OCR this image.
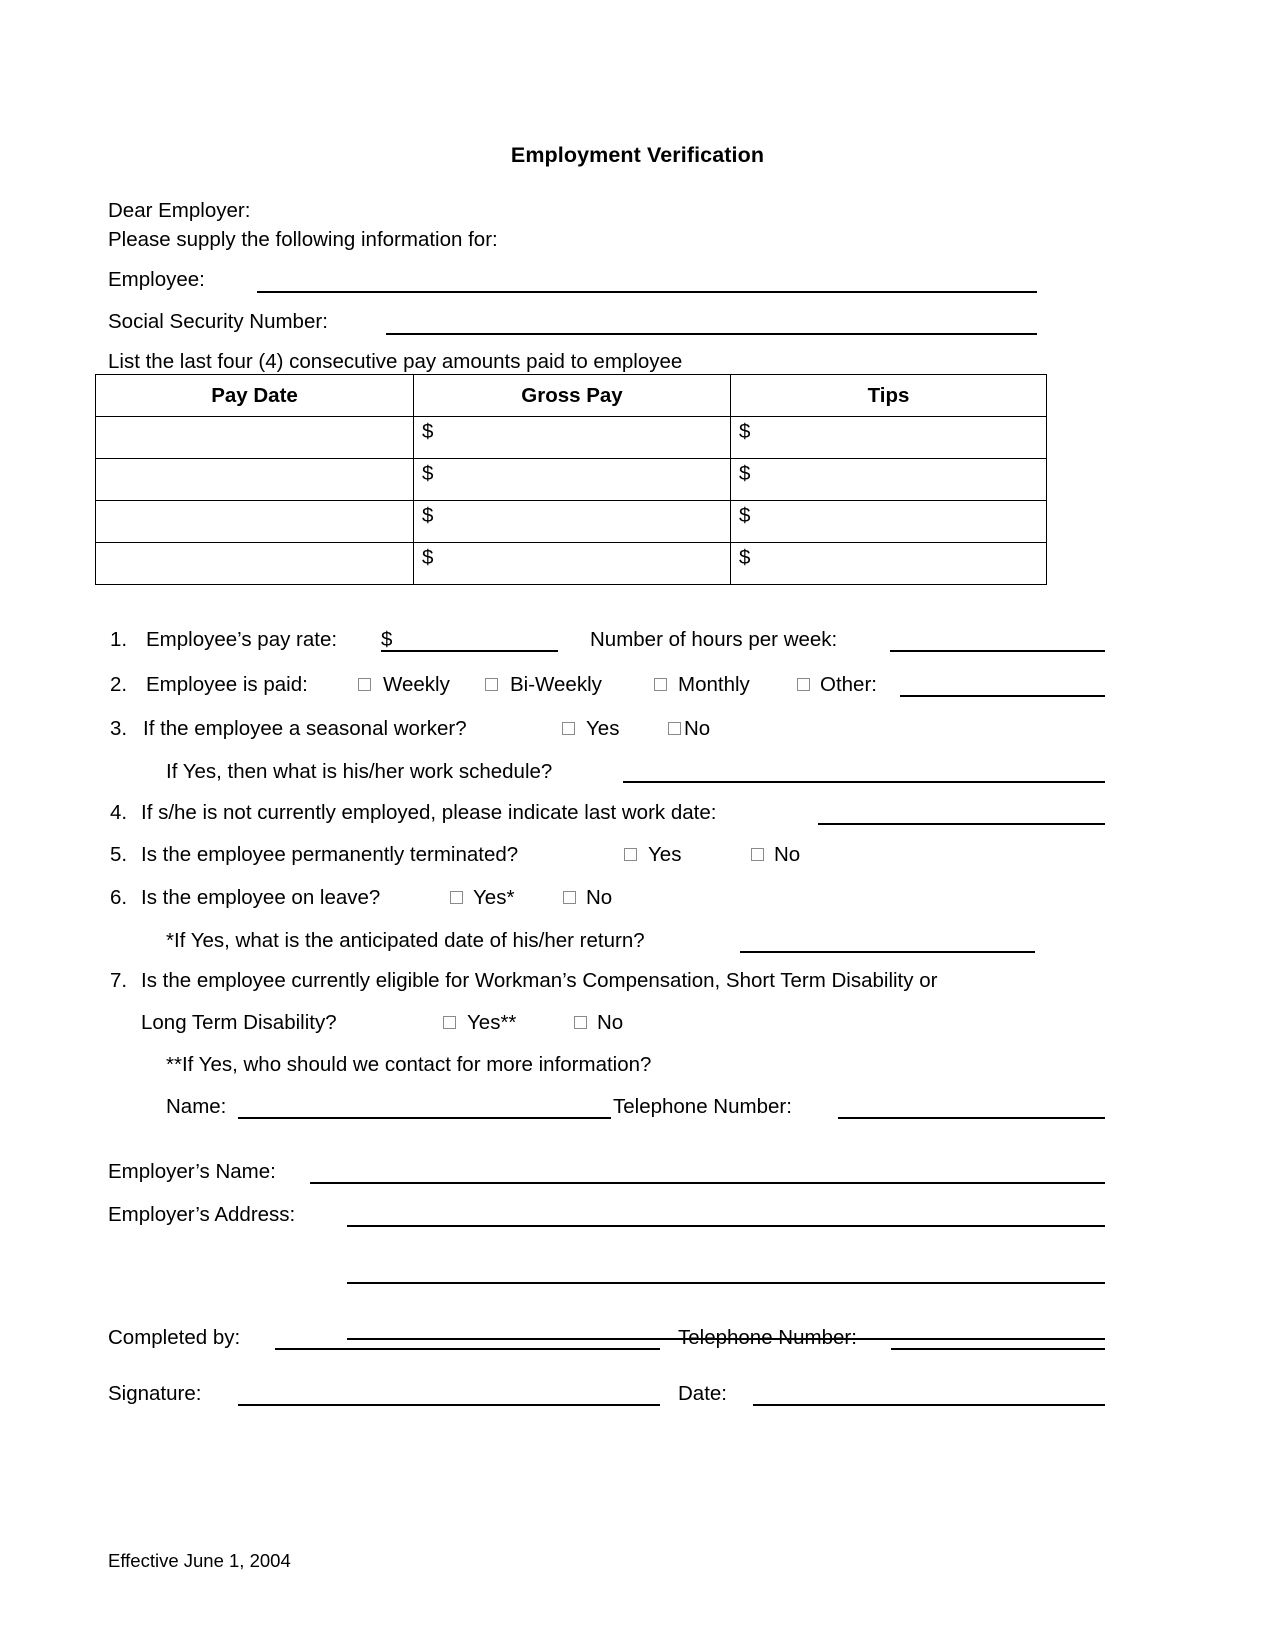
Employment Verification
Dear Employer:
Please supply the following information for:
Employee:
Social Security Number:
List the last four (4) consecutive pay amounts paid to employee
Pay Date	Gross Pay	Tips

	$	$

	$	$

	$	$

	$	$
1. Employee’s pay rate: $	Number of hours per week:
2. Employee is paid:	Weekly	Bi-Weekly	Monthly	Other:
3. If the employee a seasonal worker?	Yes	No
If Yes, then what is his/her work schedule?
4. If s/he is not currently employed, please indicate last work date:
5. Is the employee permanently terminated?	Yes	No
6. Is the employee on leave?	Yes*	No
*If Yes, what is the anticipated date of his/her return?
7. Is the employee currently eligible for Workman’s Compensation, Short Term Disability or
Long Term Disability?	Yes**	No
**If Yes, who should we contact for more information?
Name:	Telephone Number:
Employer’s Name:
Employer’s Address:
Completed by:	Telephone Number:
Signature:	Date:
Effective June 1, 2004
